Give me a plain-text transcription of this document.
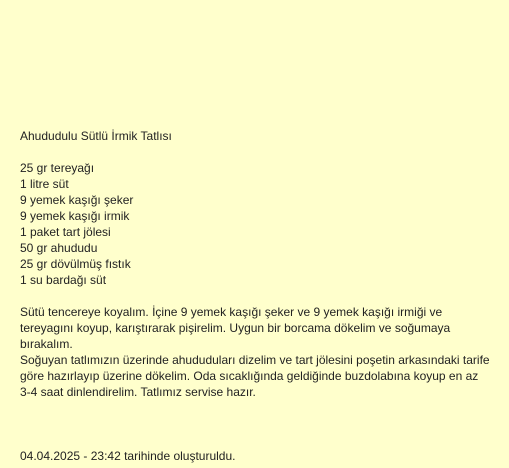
Ahududulu Sütlü İrmik Tatlısı
25 gr tereyağı
1 litre süt
9 yemek kaşığı şeker
9 yemek kaşığı irmik
1 paket tart jölesi
50 gr ahududu
25 gr dövülmüş fıstık
1 su bardağı süt

Sütü tencereye koyalım. İçine 9 yemek kaşığı şeker ve 9 yemek kaşığı irmiği ve tereyagını koyup, karıştırarak pişirelim. Uygun bir borcama dökelim ve soğumaya bırakalım.

Soğuyan tatlımızın üzerinde ahududuları dizelim ve tart jölesini poşetin arkasındaki tarife göre hazırlayıp üzerine dökelim. Oda sıcaklığında geldiğinde buzdolabına koyup en az 3-4 saat dinlendirelim. Tatlımız servise hazır.

04.04.2025 - 23:42 tarihinde oluşturuldu.
